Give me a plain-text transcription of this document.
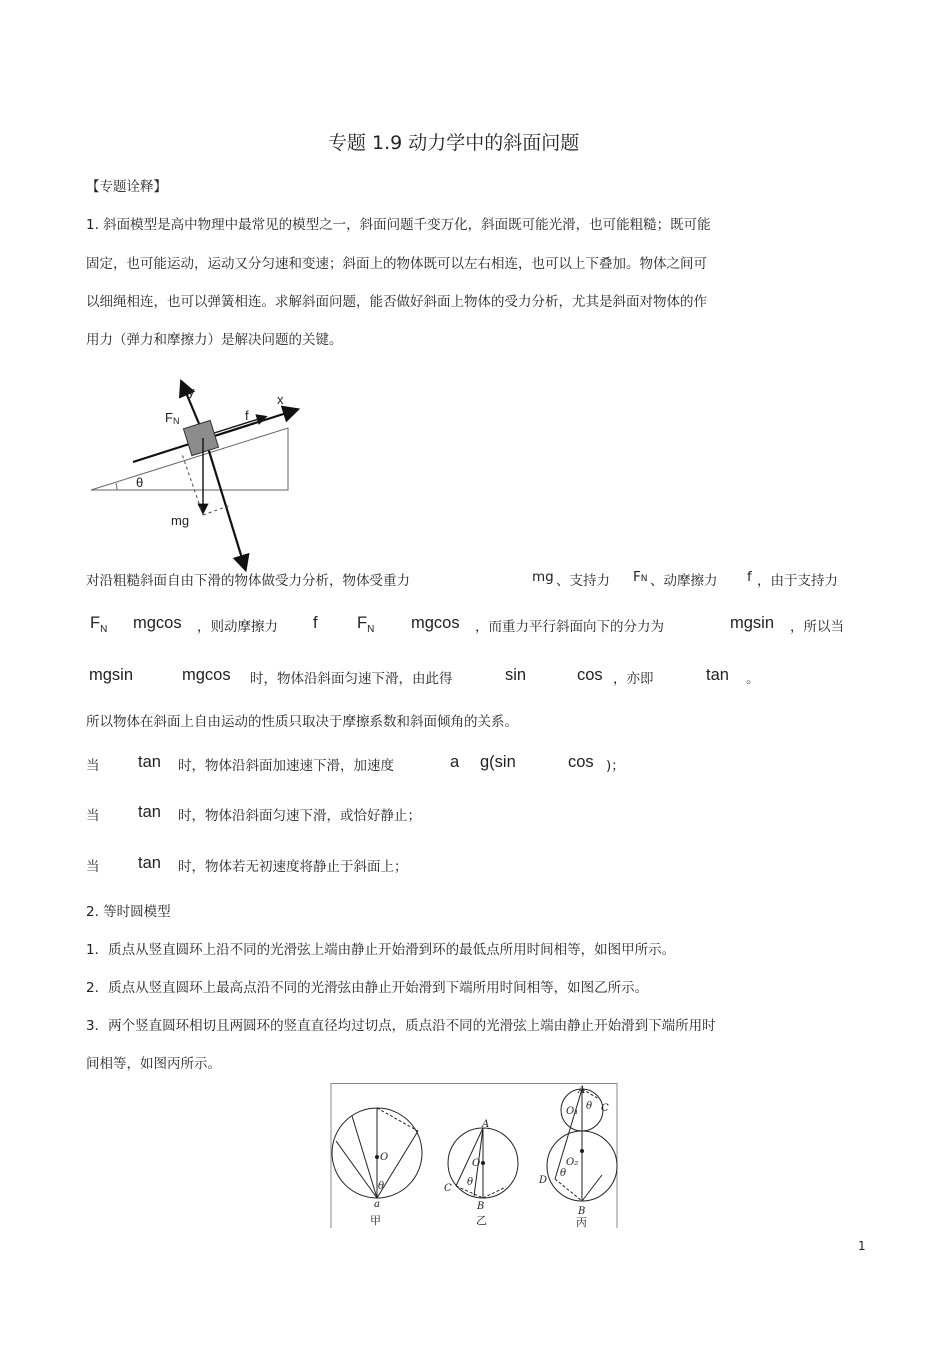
专题 1.9 动力学中的斜面问题
【专题诠释】
1. 斜面模型是高中物理中最常见的模型之一，斜面问题千变万化，斜面既可能光滑，也可能粗糙；既可能
固定，也可能运动，运动又分匀速和变速；斜面上的物体既可以左右相连，也可以上下叠加。物体之间可
以细绳相连，也可以弹簧相连。求解斜面问题，能否做好斜面上物体的受力分析，尤其是斜面对物体的作
用力（弹力和摩擦力）是解决问题的关键。
y
x
FN	f
θ
mg
对沿粗糙斜面自由下滑的物体做受力分析，物体受重力	mg 、支持力 FN 、动摩擦力 f ，由于支持力
$F_N$ mgcos ，则动摩擦力 f $F_N$ mgcos ，而重力平行斜面向下的分力为	mgsin ，所以当
mgsin	mgcos 时，物体沿斜面匀速下滑，由此得	sin	cos ，亦即	tan 。
所以物体在斜面上自由运动的性质只取决于摩擦系数和斜面倾角的关系。
当 tan 时，物体沿斜面加速速下滑，加速度	a g(sin	cos )；
当 tan 时，物体沿斜面匀速下滑，或恰好静止；
当 tan 时，物体若无初速度将静止于斜面上；
2. 等时圆模型
1．质点从竖直圆环上沿不同的光滑弦上端由静止开始滑到环的最低点所用时间相等，如图甲所示。
2．质点从竖直圆环上最高点沿不同的光滑弦由静止开始滑到下端所用时间相等，如图乙所示。
3．两个竖直圆环相切且两圆环的竖直直径均过切点，质点沿不同的光滑弦上端由静止开始滑到下端所用时
间相等，如图丙所示。
O
θ
a
甲
A
O
θ
C
B
乙
A
O₁ θ C
O₂
θ
D
B
丙
1
